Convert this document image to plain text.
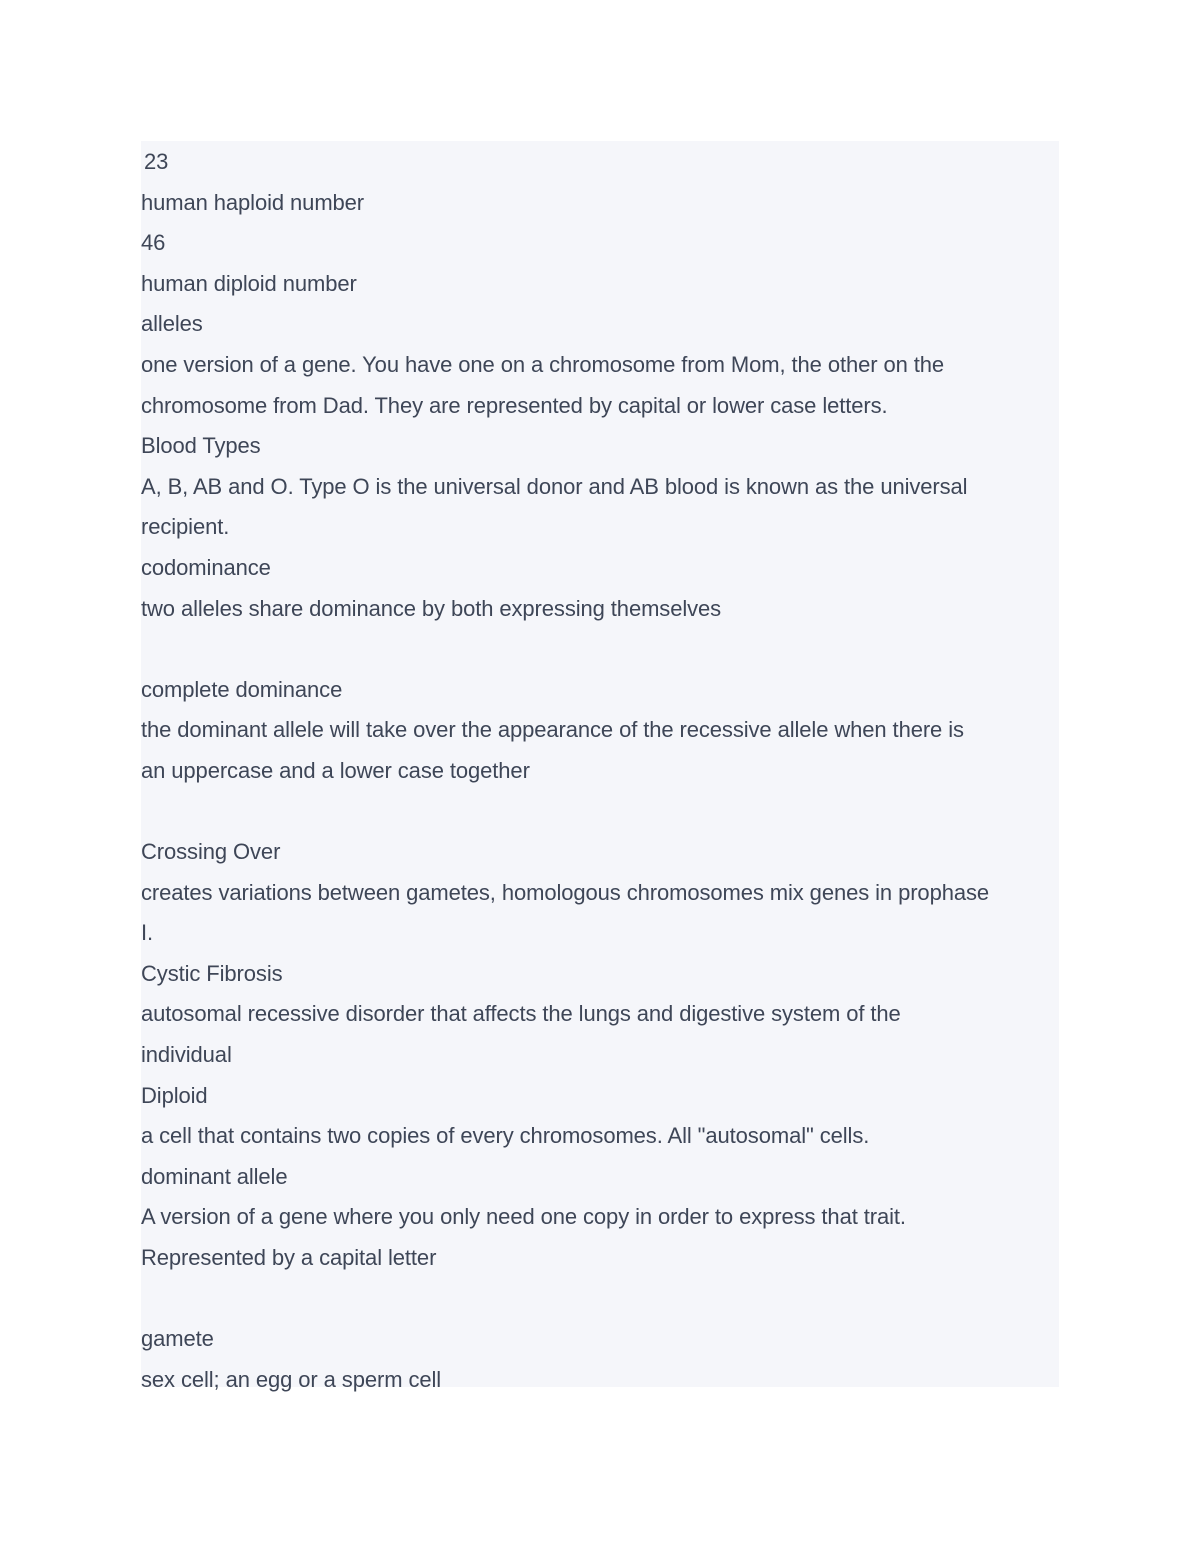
23

human haploid number

46

human diploid number

alleles

one version of a gene. You have one on a chromosome from Mom, the other on the

chromosome from Dad. They are represented by capital or lower case letters.

Blood Types

A, B, AB and O. Type O is the universal donor and AB blood is known as the universal

recipient.

codominance

two alleles share dominance by both expressing themselves

complete dominance

the dominant allele will take over the appearance of the recessive allele when there is

an uppercase and a lower case together

Crossing Over

creates variations between gametes, homologous chromosomes mix genes in prophase

I.

Cystic Fibrosis

autosomal recessive disorder that affects the lungs and digestive system of the

individual

Diploid

a cell that contains two copies of every chromosomes. All "autosomal" cells.

dominant allele

A version of a gene where you only need one copy in order to express that trait.

Represented by a capital letter

gamete

sex cell; an egg or a sperm cell
